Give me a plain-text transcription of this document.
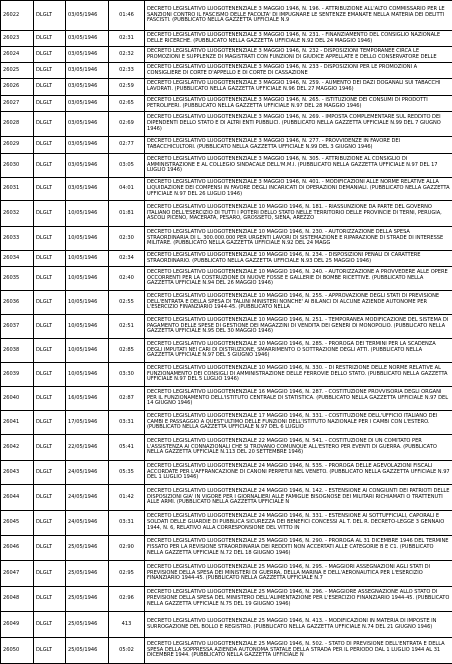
26022	DLGLT	03/05/1946	01:46	DECRETO LEGISLATIVO LUOGOTENENZIALE 3 MAGGIO 1946, N. 196. - ATTRIBUZIONE ALL'ALTO COMMISSARIO PER LE SANZIONI CONTRO IL FASCISMO DELLE FACOLTA' DI IMPUGNARE LE SENTENZE EMANATE NELLA MATERIA DEI DELITTI FASCISTI. (PUBBLICATO NELLA GAZZETTA UFFICIALE N.9
26023	DLGLT	03/05/1946	02:31	DECRETO LEGISLATIVO LUOGOTENENZIALE 3 MAGGIO 1946, N. 231. - FINANZIAMENTO DEL CONSIGLIO NAZIONALE DELLE RICERCHE. (PUBBLICATO NELLA GAZZETTA UFFICIALE N.92 DEL 24 MAGGIO 1946)
26024	DLGLT	03/05/1946	02:32	DECRETO LEGISLATIVO LUOGOTENENZIALE 3 MAGGIO 1946, N. 232 - DISPOSIZIONI TEMPORANEE CIRCA LE PROMOZIONI E SUPPLENZE DI MAGISTRATI CON FUNZIONI DI GIUDICE APPELLATE E DELLO CONSERVATORE DELLE
26025	DLGLT	03/05/1946	02:33	DECRETO LEGISLATIVO LUOGOTENENZIALE 3 MAGGIO 1946, N. 233 - DISPOSIZIONI PER LE PROMOZIONI A CONSIGLIERE DI CORTE D'APPELLO E DI CORTE DI CASSAZIONE
26026	DLGLT	03/05/1946	02:59	DECRETO LEGISLATIVO LUOGOTENENZIALE 3 MAGGIO 1946, N. 259. - AUMENTO DEI DAZI DOGANALI SUI TABACCHI LAVORATI. (PUBBLICATO NELLA GAZZETTA UFFICIALE N.96 DEL 27 MAGGIO 1946)
26027	DLGLT	03/05/1946	02:65	DECRETO LEGISLATIVO LUOGOTENENZIALE 3 MAGGIO 1946, N. 265. - ISTITUZIONE DEI CONSUMI DI PRODOTTI PETROLIFERI. (PUBBLICATO NELLA GAZZETTA UFFICIALE N.97 DEL 28 MAGGIO 1946)
26028	DLGLT	03/05/1946	02:69	DECRETO LEGISLATIVO LUOGOTENENZIALE 3 MAGGIO 1946, N. 269. - IMPOSTA COMPLEMENTARE SUL REDDITO DEI DIPENDENTI DELLO STATO E DI ALTRI ENTI PUBBLICI. (PUBBLICATO NELLA GAZZETTA UFFICIALE N.99 DEL 7 GIUGNO 1946)
26029	DLGLT	03/05/1946	02:77	DECRETO LEGISLATIVO LUOGOTENENZIALE 3 MAGGIO 1946, N. 277. - PROVVIDENZE IN FAVORE DEI TABACCHICULTORI. (PUBBLICATO NELLA GAZZETTA UFFICIALE N.99 DEL 3 GIUGNO 1946)
26030	DLGLT	03/05/1946	03:05	DECRETO LEGISLATIVO LUOGOTENENZIALE 3 MAGGIO 1946, N. 305. - ATTRIBUZIONE AL CONSIGLIO DI AMMINISTRAZIONE E AL COLLEGIO SINDACALE DELL'M.M.I. (PUBBLICATO NELLA GAZZETTA UFFICIALE N.97 DEL 17 LUGLIO 1946)
26031	DLGLT	03/05/1946	04:01	DECRETO LEGISLATIVO LUOGOTENENZIALE 3 MAGGIO 1946, N. 401. - MODIFICAZIONI ALLE NORME RELATIVE ALLA LIQUIDAZIONE DEI COMPENSI IN FAVORE DEGLI INCARICATI DI OPERAZIONI DEMANIALI. (PUBBLICATO NELLA GAZZETTA UFFICIALE N.97 DEL 26 LUGLIO 1946)
26032	DLGLT	10/05/1946	01:81	DECRETO LEGISLATIVO LUOGOTENENZIALE 10 MAGGIO 1946, N. 181. - RIASSUNZIONE DA PARTE DEL GOVERNO ITALIANO DELL'ESERCIZIO DI TUTTI I POTERI DELLO STATO NELLE TERRITORIO DELLE PROVINCIE DI TERNI, PERUGIA, ASCOLI PICENO, MACERATA, PESARO, GROSSETO, SIENA, AREZZO
26033	DLGLT	10/05/1946	02:30	DECRETO LEGISLATIVO LUOGOTENENZIALE 10 MAGGIO 1946, N. 230. - AUTORIZZAZIONE DELLA SPESA STRAORDINARIA DI L. 300.000.000 PER URGENTI LAVORI DI SISTEMAZIONE E RIPARAZIONE DI STRADE DI INTERESSE MILITARE. (PUBBLICATO NELLA GAZZETTA UFFICIALE N.92 DEL 24 MAGG
26034	DLGLT	10/05/1946	02:34	DECRETO LEGISLATIVO LUOGOTENENZIALE 10 MAGGIO 1946, N. 234. - DISPOSIZIONI PENALI DI CARATTERE STRAORDINARIO. (PUBBLICATO NELLA GAZZETTA UFFICIALE N.93 DEL 25 MAGGIO 1946)
26035	DLGLT	10/05/1946	02:40	DECRETO LEGISLATIVO LUOGOTENENZIALE 10 MAGGIO 1946, N. 240. - AUTORIZZAZIONE A PROVVEDERE ALLE OPERE OCCORRENTI PER LA COSTRUZIONE DI NUOVE FOSSE E GALLERIE DI BOMBE RICETTIVE. (PUBBLICATO NELLA GAZZETTA UFFICIALE N.94 DEL 26 MAGGIO 1946)
26036	DLGLT	10/05/1946	02:55	DECRETO LEGISLATIVO LUOGOTENENZIALE 10 MAGGIO 1946, N. 255. - APPROVAZIONE DEGLI STATI DI PREVISIONE DELL'ENTRATA E DELLA SPESA DI TALUNI MINISTERI NONCHE' AI BILANCI DI ALCUNE AZIENDE AUTONOME PER L'ESERCIZIO FINANZIARIO 1944-45. (PUBBLICATO NELLA
26037	DLGLT	10/05/1946	02:51	DECRETO LEGISLATIVO LUOGOTENENZIALE 10 MAGGIO 1946, N. 251. - TEMPORANEA MODIFICAZIONE DEL SISTEMA DI PAGAMENTO DELLE SPESE DI GESTIONE DEI MAGAZZINI DI VENDITA DEI GENERI DI MONOPOLIO. (PUBBLICATO NELLA GAZZETTA UFFICIALE N.95 DEL 30 MAGGIO 1946)
26038	DLGLT	10/05/1946	02:85	DECRETO LEGISLATIVO LUOGOTENENZIALE 10 MAGGIO 1946, N. 285. - PROROGA DEI TERMINI PER LA SCADENZA DEGLI IMPUTATI NEI CARI DI DISTRUZIONE, SMARRIMENTO O SOTTRAZIONE DEGLI ATTI. (PUBBLICATO NELLA GAZZETTA UFFICIALE N.97 DEL 5 GIUGNO 1946)
26039	DLGLT	10/05/1946	03:30	DECRETO LEGISLATIVO LUOGOTENENZIALE 10 MAGGIO 1946, N. 330. - DI RESTRIZIONE DELLE NORME RELATIVE AL FUNZIONAMENTO DEI CONSIGLI DI AMMINISTRAZIONE DELLE FERROVIE DELLO STATO. (PUBBLICATO NELLA GAZZETTA UFFICIALE N.97 DEL 5 LUGLIO 1946)
26040	DLGLT	16/05/1946	02:87	DECRETO LEGISLATIVO LUOGOTENENZIALE 16 MAGGIO 1946, N. 287. - COSTITUZIONE PROVVISORIA DEGLI ORGANI PER IL FUNZIONAMENTO DELL'ISTITUTO CENTRALE DI STATISTICA. (PUBBLICATO NELLA GAZZETTA UFFICIALE N.97 DEL 14 GIUGNO 1946)
26041	DLGLT	17/05/1946	03:31	DECRETO LEGISLATIVO LUOGOTENENZIALE 17 MAGGIO 1946, N. 331. - COSTITUZIONE DELL'UFFICIO ITALIANO DEI CAMBI E PASSAGGIO A QUEST'ULTIMO DELLE FUNZIONI DELL'ISTITUTO NAZIONALE PER I CAMBI CON L'ESTERO. (PUBBLICATO NELLA GAZZETTA UFFICIALE N.97 DEL 6 LUGLIO
26042	DLGLT	22/05/1946	05:41	DECRETO LEGISLATIVO LUOGOTENENZIALE 22 MAGGIO 1946, N. 541. - COSTITUZIONE DI UN COMITATO PER L'ASSISTENZA AI CONNAZIONALI CHE SI TROVANO COMUNQUE ALL'ESTERO PER EVENTI DI GUERRA. (PUBBLICATO NELLA GAZZETTA UFFICIALE N.113 DEL 20 SETTEMBRE 1946)
26043	DLGLT	24/05/1946	05:35	DECRETO LEGISLATIVO LUOGOTENENZIALE 24 MAGGIO 1946, N. 535. - PROROGA DELLE AGEVOLAZIONI FISCALI ACCORDATE PER L'AFFRANCAZIONE DI CANONI PERPETUI NEL VENETO. (PUBBLICATO NELLA GAZZETTA UFFICIALE N.97 DEL 1 LUGLIO 1946)
26044	DLGLT	24/05/1946	01:42	DECRETO LEGISLATIVO LUOGOTENENZIALE 24 MAGGIO 1946, N. 142. - ESTENSIONE AI CONGIUNTI DEI PATRIOTI DELLE DISPOSIZIONI GIA' IN VIGORE PER I GIORNALIERI ALLE FAMIGLIE BISOGNOSE DEI MILITARI RICHIAMATI O TRATTENUTI ALLE ARMI. (PUBBLICATO NELLA GAZZETTA UFFICIALE N
26045	DLGLT	24/05/1946	03:31	DECRETO LEGISLATIVO LUOGOTENENZIALE 24 MAGGIO 1946, N. 331. - ESTENSIONE AI SOTTUFFICIALI, CAPORALI E SOLDATI DELLE GUARDIE DI PUBBLICA SICUREZZA DEI BENEFICI CONCESSI AL T. DEL R. DECRETO-LEGGE 3 GENNAIO 1944, N. 6, RELATIVO ALLA CORRESPONSIONE DEL VITTO IN
26046	DLGLT	25/05/1946	02:90	DECRETO LEGISLATIVO LUOGOTENENZIALE 25 MAGGIO 1946, N. 290. - PROROGA AL 31 DICEMBRE 1946 DEL TERMINE FISSATO PER LA REVISIONE STRAORDINARIA DEI REDDITI NON ACCERTATI ALLE CATEGORIE B E C1. (PUBBLICATO NELLA GAZZETTA UFFICIALE N.72 DEL 18 GIUGNO 1946)
26047	DLGLT	25/05/1946	02:95	DECRETO LEGISLATIVO LUOGOTENENZIALE 25 MAGGIO 1946, N. 295. - MAGGIORI ASSEGNAZIONI AGLI STATI DI PREVISIONE DELLA SPESA DEI MINISTERI DI GUERRA, DELLA MARINA E DELL'AERONAUTICA PER L'ESERCIZIO FINANZIARIO 1944-45. (PUBBLICATO NELLA GAZZETTA UFFICIALE N.7
26048	DLGLT	25/05/1946	02:96	DECRETO LEGISLATIVO LUOGOTENENZIALE 25 MAGGIO 1946, N. 296. - MAGGIORE ASSEGNAZIONE ALLO STATO DI PREVISIONE DELLA SPESA DEL MINISTERO DELL'ALIMENTAZIONE PER L'ESERCIZIO FINANZIARIO 1944-45. (PUBBLICATO NELLA GAZZETTA UFFICIALE N.75 DEL 19 GIUGNO 1946)
26049	DLGLT	25/05/1946	413	DECRETO LEGISLATIVO LUOGOTENENZIALE 25 MAGGIO 1946, N. 413. - MODIFICAZIONI IN MATERIA DI IMPOSTE IN SURROGAZIONE DEL BOLLO E REGISTRO. (PUBBLICATO NELLA GAZZETTA UFFICIALE N.74 DEL 21 GIUGNO 1946)
26050	DLGLT	25/05/1946	05:02	DECRETO LEGISLATIVO LUOGOTENENZIALE 25 MAGGIO 1946, N. 502. - STATO DI PREVISIONE DELL'ENTRATA E DELLA SPESA DELLA SOPPRESSA AZIENDA AUTONOMA STATALE DELLA STRADA PER IL PERIODO DAL 1 LUGLIO 1944 AL 31 DICEMBRE 1944. (PUBBLICATO NELLA GAZZETTA UFFICIALE N
